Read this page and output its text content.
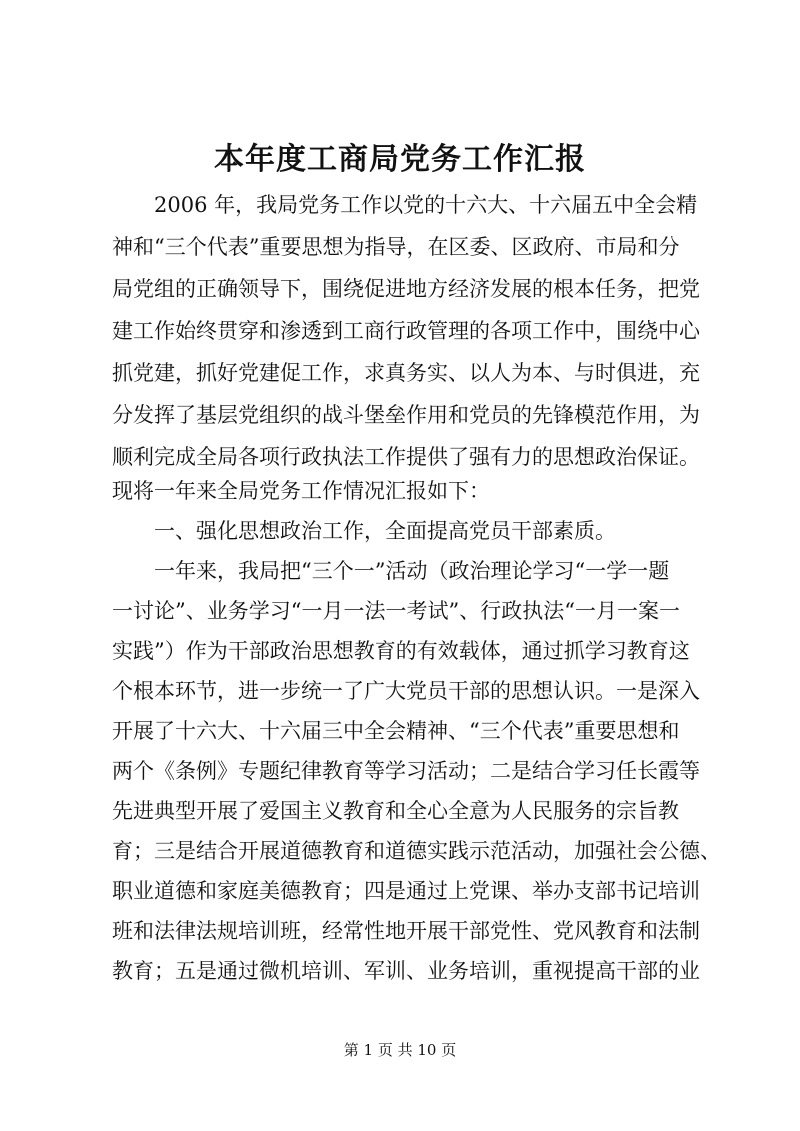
本年度工商局党务工作汇报
2006 年，我局党务工作以党的十六大、十六届五中全会精
神和“三个代表”重要思想为指导，在区委、区政府、市局和分
局党组的正确领导下，围绕促进地方经济发展的根本任务，把党
建工作始终贯穿和渗透到工商行政管理的各项工作中，围绕中心
抓党建，抓好党建促工作，求真务实、以人为本、与时俱进，充
分发挥了基层党组织的战斗堡垒作用和党员的先锋模范作用，为
顺利完成全局各项行政执法工作提供了强有力的思想政治保证。
现将一年来全局党务工作情况汇报如下：
一、强化思想政治工作，全面提高党员干部素质。
一年来，我局把“三个一”活动（政治理论学习“一学一题
一讨论”、业务学习“一月一法一考试”、行政执法“一月一案一
实践”）作为干部政治思想教育的有效载体，通过抓学习教育这
个根本环节，进一步统一了广大党员干部的思想认识。一是深入
开展了十六大、十六届三中全会精神、“三个代表”重要思想和
两个《条例》专题纪律教育等学习活动；二是结合学习任长霞等
先进典型开展了爱国主义教育和全心全意为人民服务的宗旨教
育；三是结合开展道德教育和道德实践示范活动，加强社会公德、
职业道德和家庭美德教育；四是通过上党课、举办支部书记培训
班和法律法规培训班，经常性地开展干部党性、党风教育和法制
教育；五是通过微机培训、军训、业务培训，重视提高干部的业
第 1 页 共 10 页
